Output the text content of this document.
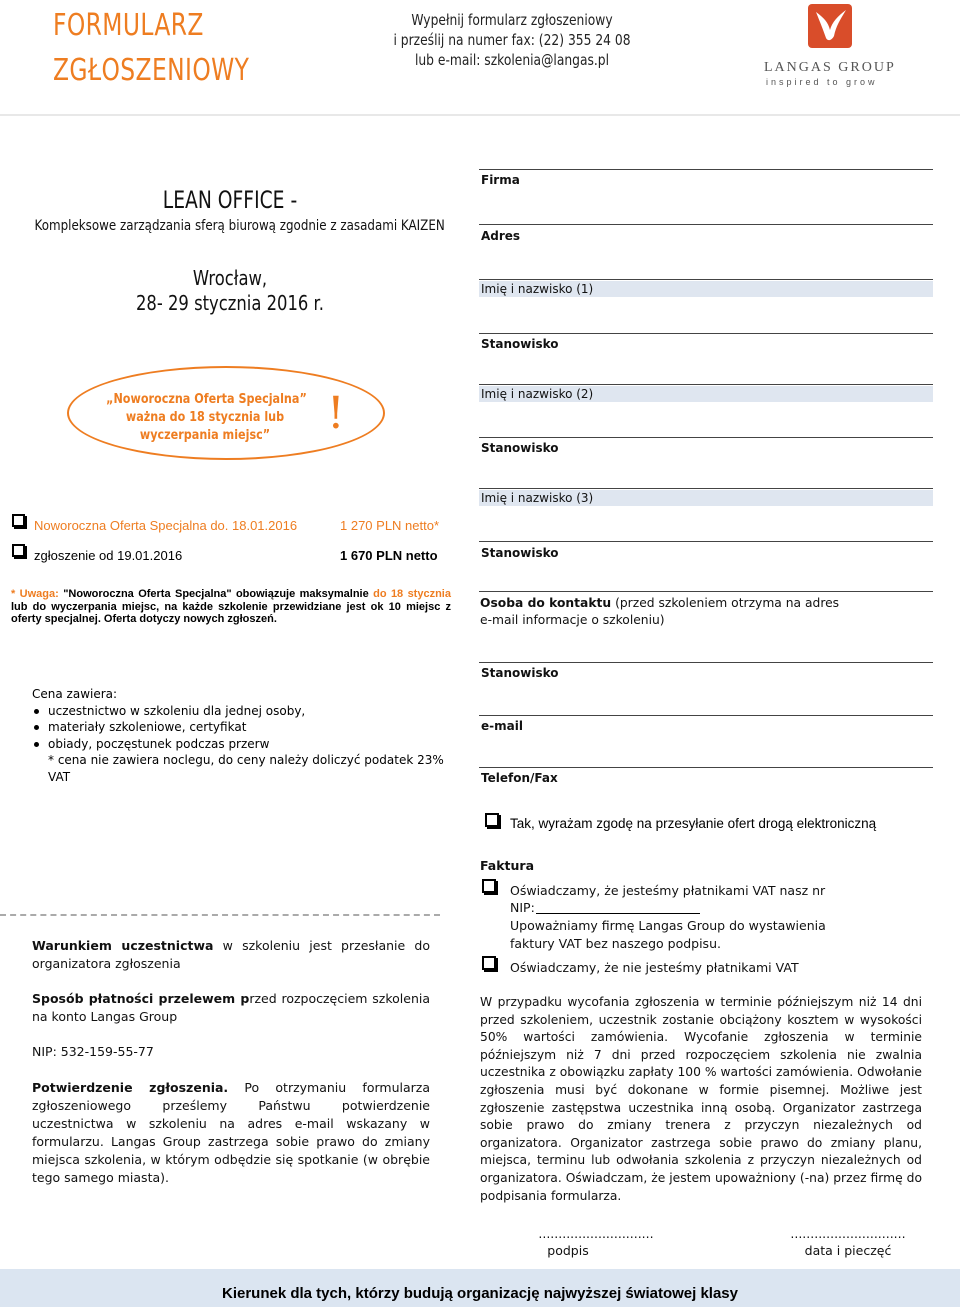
FORMULARZ
ZGŁOSZENIOWY
Wypełnij formularz zgłoszeniowy
i prześlij na numer fax: (22) 355 24 08
lub e-mail: szkolenia@langas.pl	LANGAS GROUP
inspired to grow
LEAN OFFICE -
Kompleksowe zarządzania sferą biurową zgodnie z zasadami KAIZEN
Wrocław,
28- 29 stycznia 2016 r.
„Noworoczna Oferta Specjalna”
ważna do 18 stycznia lub
wyczerpania miejsc”	!
Noworoczna Oferta Specjalna do. 18.01.2016	1 270 PLN netto*
zgłoszenie od 19.01.2016	1 670 PLN netto
* Uwaga: "Noworoczna Oferta Specjalna" obowiązuje maksymalnie do 18 stycznia lub do wyczerpania miejsc, na każde szkolenie przewidziane jest ok 10 miejsc z oferty specjalnej. Oferta dotyczy nowych zgłoszeń.
Cena zawiera:
uczestnictwo w szkoleniu dla jednej osoby,
materiały szkoleniowe, certyfikat
obiady, poczęstunek podczas przerw
* cena nie zawiera noclegu, do ceny należy doliczyć podatek 23% VAT
Warunkiem uczestnictwa w szkoleniu jest przesłanie do organizatora zgłoszenia
Sposób płatności przelewem przed rozpoczęciem szkolenia na konto Langas Group
NIP: 532-159-55-77
Potwierdzenie zgłoszenia. Po otrzymaniu formularza zgłoszeniowego prześlemy Państwu potwierdzenie uczestnictwa w szkoleniu na adres e-mail wskazany w formularzu. Langas Group zastrzega sobie prawo do zmiany miejsca szkolenia, w którym odbędzie się spotkanie (w obrębie tego samego miasta).
Firma
Adres
Imię i nazwisko (1)
Stanowisko
Imię i nazwisko (2)
Stanowisko
Imię i nazwisko (3)
Stanowisko
Osoba do kontaktu (przed szkoleniem otrzyma na adres
e-mail informacje o szkoleniu)
Stanowisko
e-mail
Telefon/Fax
Tak, wyrażam zgodę na przesyłanie ofert drogą elektroniczną
Faktura
Oświadczamy, że jesteśmy płatnikami VAT nasz nr
NIP:
Upoważniamy firmę Langas Group do wystawienia
faktury VAT bez naszego podpisu.
Oświadczamy, że nie jesteśmy płatnikami VAT
W przypadku wycofania zgłoszenia w terminie późniejszym niż 14 dni przed szkoleniem, uczestnik zostanie obciążony kosztem w wysokości 50% wartości zamówienia. Wycofanie zgłoszenia w terminie późniejszym niż 7 dni przed rozpoczęciem szkolenia nie zwalnia uczestnika z obowiązku zapłaty 100 % wartości zamówienia. Odwołanie zgłoszenia musi być dokonane w formie pisemnej. Możliwe jest zgłoszenie zastępstwa uczestnika inną osobą. Organizator zastrzega sobie prawo do zmiany trenera z przyczyn niezależnych od organizatora. Organizator zastrzega sobie prawo do zmiany planu, miejsca, terminu lub odwołania szkolenia z przyczyn niezależnych od organizatora. Oświadczam, że jestem upoważniony (-na) przez firmę do podpisania formularza.
.............................
podpis
.............................
data i pieczęć
Kierunek dla tych, którzy budują organizację najwyższej światowej klasy
